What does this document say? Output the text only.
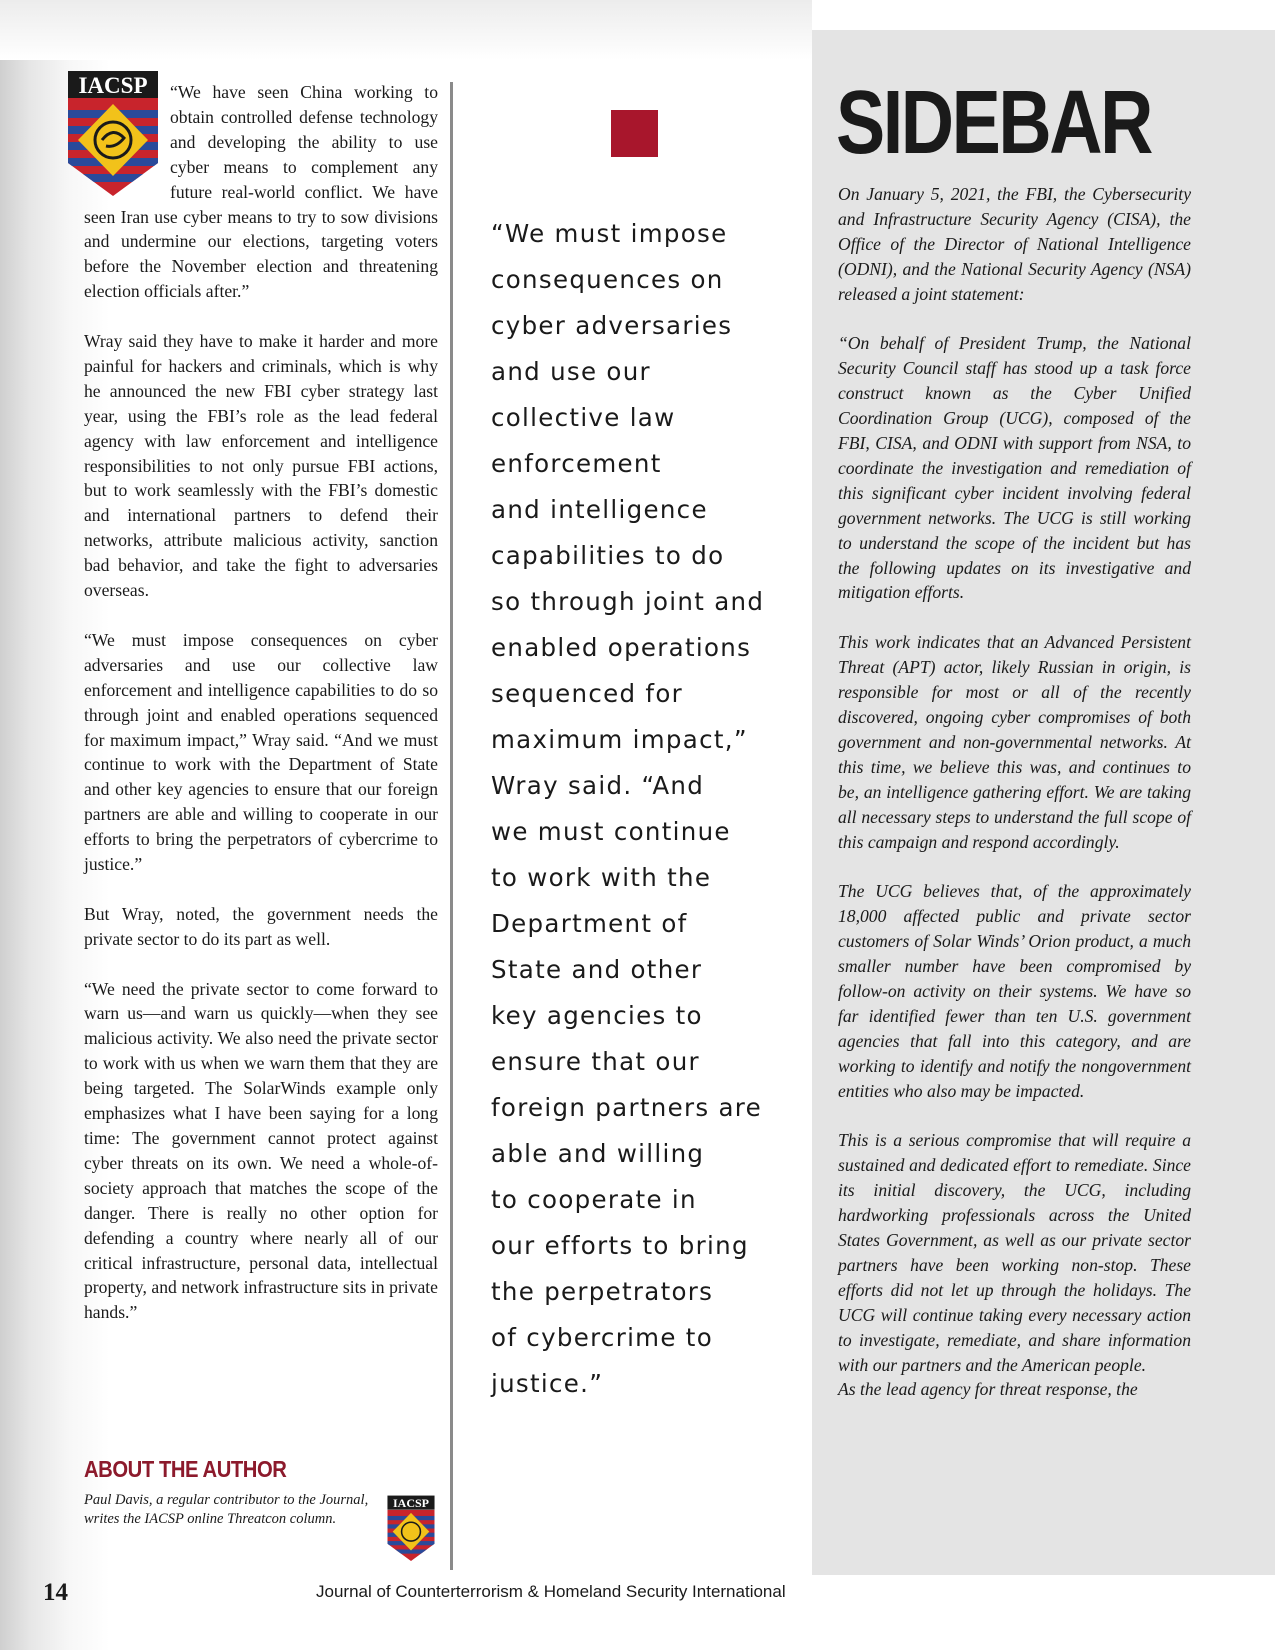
IACSP	“We have seen China working to obtain controlled defense technology and developing the ability to use cyber means to complement any future real-world conflict. We have seen Iran use cyber means to try to sow divisions and undermine our elections, targeting voters before the November election and threatening election officials after.”

Wray said they have to make it harder and more painful for hackers and criminals, which is why he announced the new FBI cyber strategy last year, using the FBI’s role as the lead federal agency with law enforcement and intelligence responsibilities to not only pursue FBI actions, but to work seamlessly with the FBI’s domestic and international partners to defend their networks, attribute malicious activity, sanction bad behavior, and take the fight to adversaries overseas.

“We must impose consequences on cyber adversaries and use our collective law enforcement and intelligence capabilities to do so through joint and enabled operations sequenced for maximum impact,” Wray said. “And we must continue to work with the Department of State and other key agencies to ensure that our foreign partners are able and willing to cooperate in our efforts to bring the perpetrators of cybercrime to justice.”

But Wray, noted, the government needs the private sector to do its part as well.

“We need the private sector to come forward to warn us—and warn us quickly—when they see malicious activity. We also need the private sector to work with us when we warn them that they are being targeted. The SolarWinds example only emphasizes what I have been saying for a long time: The government cannot protect against cyber threats on its own. We need a whole-of-society approach that matches the scope of the danger. There is really no other option for defending a country where nearly all of our critical infrastructure, personal data, intellectual property, and network infrastructure sits in private hands.”

ABOUT THE AUTHOR
Paul Davis, a regular contributor to the Journal, writes the IACSP online Threatcon column.
IACSP
“We must impose
consequences on
cyber adversaries
and use our
collective law
enforcement
and intelligence
capabilities to do
so through joint and
enabled operations
sequenced for
maximum impact,”
Wray said. “And
we must continue
to work with the
Department of
State and other
key agencies to
ensure that our
foreign partners are
able and willing
to cooperate in
our efforts to bring
the perpetrators
of cybercrime to
justice.”
SIDEBAR

On January 5, 2021, the FBI, the Cybersecurity and Infrastructure Security Agency (CISA), the Office of the Director of National Intelligence (ODNI), and the National Security Agency (NSA) released a joint statement:

“On behalf of President Trump, the National Security Council staff has stood up a task force construct known as the Cyber Unified Coordination Group (UCG), composed of the FBI, CISA, and ODNI with support from NSA, to coordinate the investigation and remediation of this significant cyber incident involving federal government networks. The UCG is still working to understand the scope of the incident but has the following updates on its investigative and mitigation efforts.

This work indicates that an Advanced Persistent Threat (APT) actor, likely Russian in origin, is responsible for most or all of the recently discovered, ongoing cyber compromises of both government and non-governmental networks. At this time, we believe this was, and continues to be, an intelligence gathering effort. We are taking all necessary steps to understand the full scope of this campaign and respond accordingly.

The UCG believes that, of the approximately 18,000 affected public and private sector customers of Solar Winds’ Orion product, a much smaller number have been compromised by follow-on activity on their systems. We have so far identified fewer than ten U.S. government agencies that fall into this category, and are working to identify and notify the nongovernment entities who also may be impacted.

This is a serious compromise that will require a sustained and dedicated effort to remediate. Since its initial discovery, the UCG, including hardworking professionals across the United States Government, as well as our private sector partners have been working non-stop. These efforts did not let up through the holidays. The UCG will continue taking every necessary action to investigate, remediate, and share information with our partners and the American people.

As the lead agency for threat response, the

14	Journal of Counterterrorism & Homeland Security International
